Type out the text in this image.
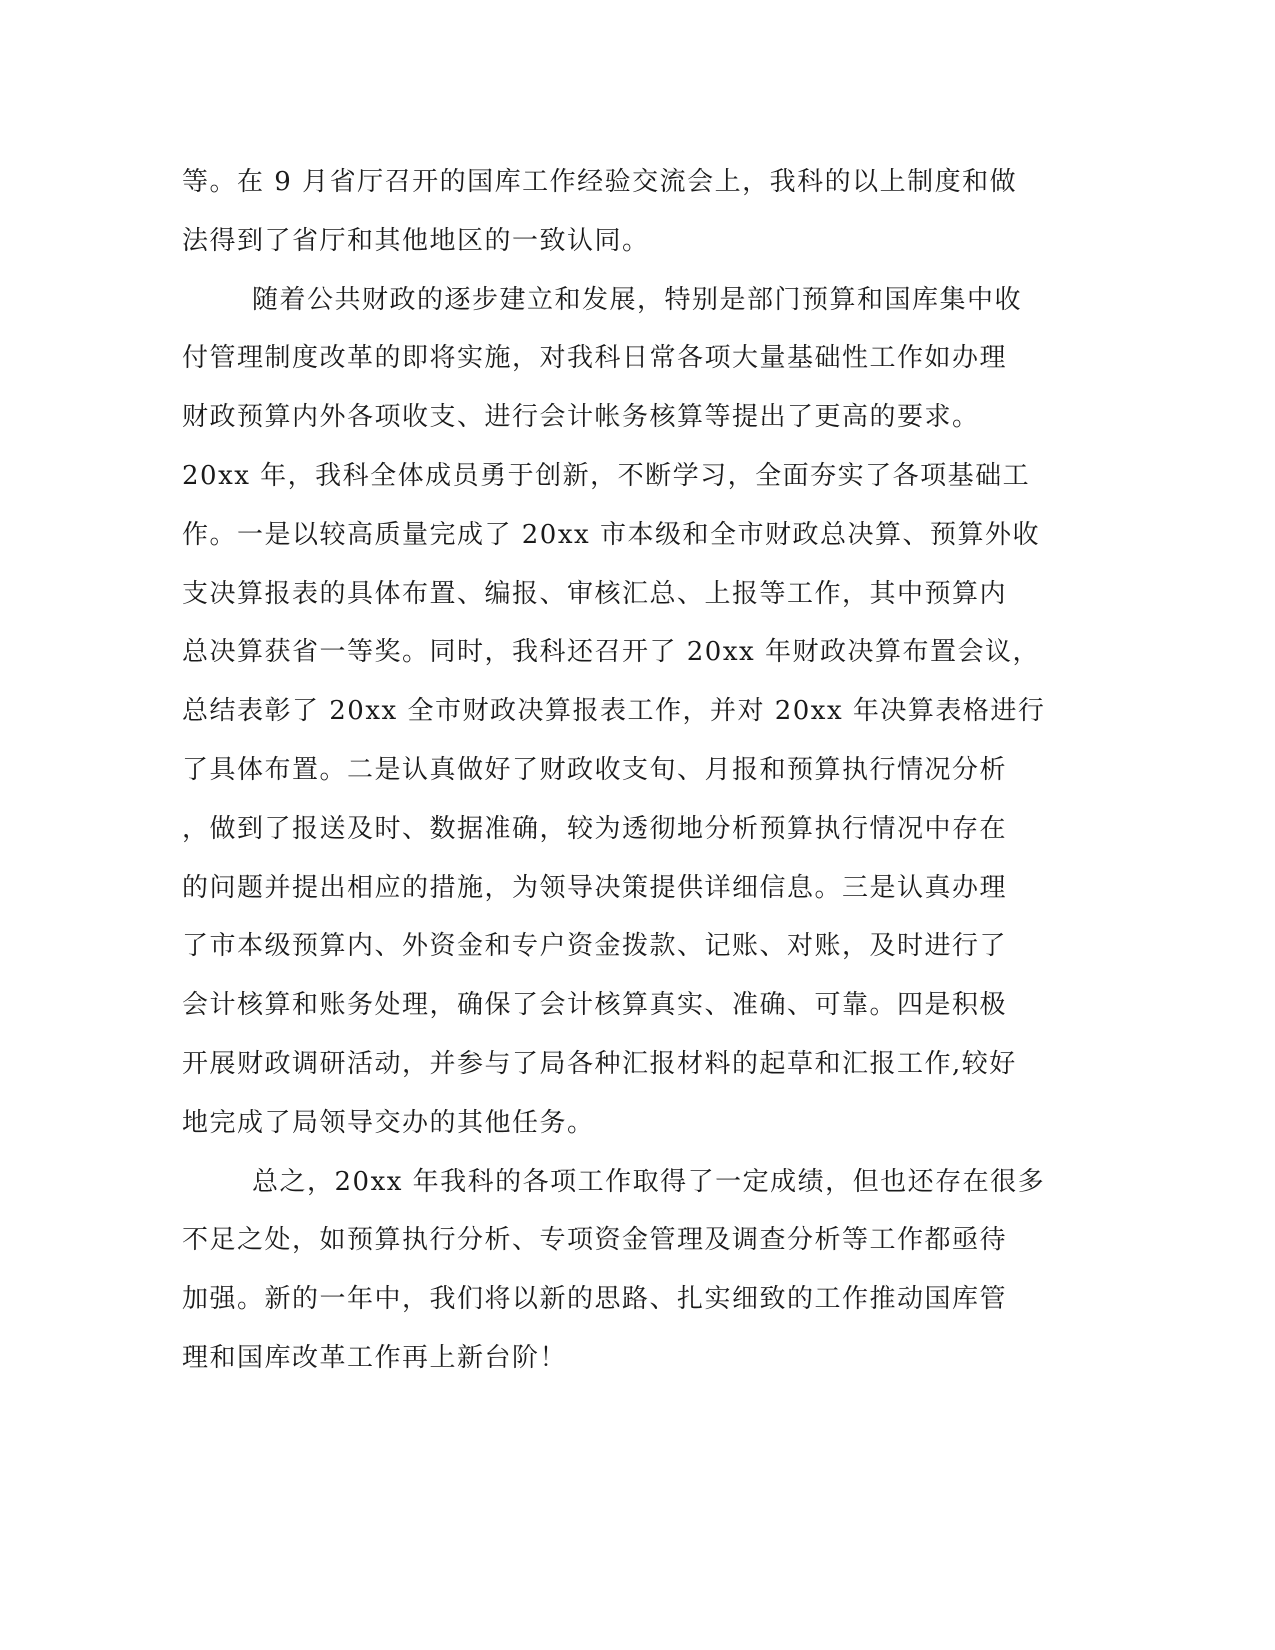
等。在 9 月省厅召开的国库工作经验交流会上，我科的以上制度和做
法得到了省厅和其他地区的一致认同。
随着公共财政的逐步建立和发展，特别是部门预算和国库集中收
付管理制度改革的即将实施，对我科日常各项大量基础性工作如办理
财政预算内外各项收支、进行会计帐务核算等提出了更高的要求。
20xx 年，我科全体成员勇于创新，不断学习，全面夯实了各项基础工
作。一是以较高质量完成了 20xx 市本级和全市财政总决算、预算外收
支决算报表的具体布置、编报、审核汇总、上报等工作，其中预算内
总决算获省一等奖。同时，我科还召开了 20xx 年财政决算布置会议，
总结表彰了 20xx 全市财政决算报表工作，并对 20xx 年决算表格进行
了具体布置。二是认真做好了财政收支旬、月报和预算执行情况分析
，做到了报送及时、数据准确，较为透彻地分析预算执行情况中存在
的问题并提出相应的措施，为领导决策提供详细信息。三是认真办理
了市本级预算内、外资金和专户资金拨款、记账、对账，及时进行了
会计核算和账务处理，确保了会计核算真实、准确、可靠。四是积极
开展财政调研活动，并参与了局各种汇报材料的起草和汇报工作,较好
地完成了局领导交办的其他任务。
总之，20xx 年我科的各项工作取得了一定成绩，但也还存在很多
不足之处，如预算执行分析、专项资金管理及调查分析等工作都亟待
加强。新的一年中，我们将以新的思路、扎实细致的工作推动国库管
理和国库改革工作再上新台阶！
